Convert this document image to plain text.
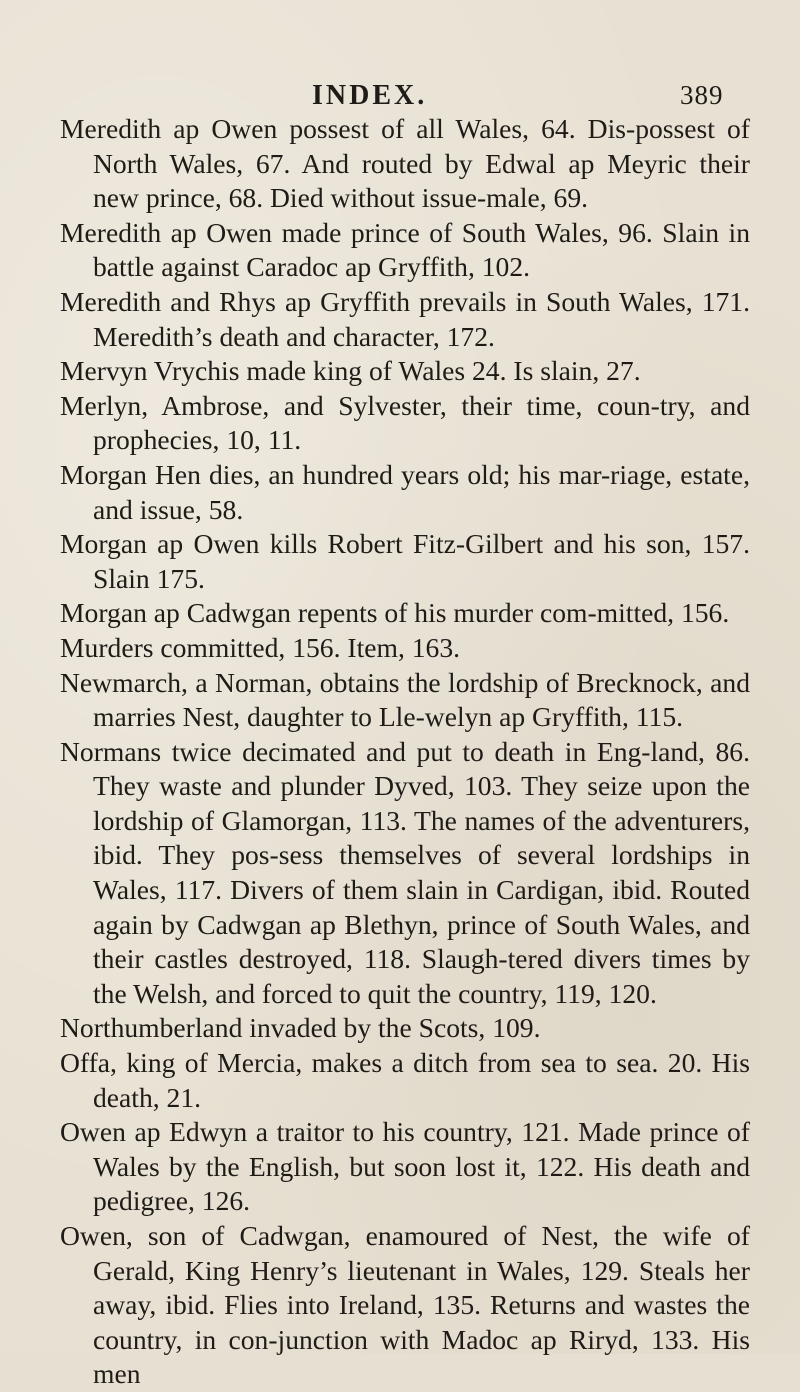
INDEX.	389

Meredith ap Owen possest of all Wales, 64. Dis-possest of North Wales, 67. And routed by Edwal ap Meyric their new prince, 68. Died without issue-male, 69.

Meredith ap Owen made prince of South Wales, 96. Slain in battle against Caradoc ap Gryffith, 102.

Meredith and Rhys ap Gryffith prevails in South Wales, 171. Meredith’s death and character, 172.

Mervyn Vrychis made king of Wales 24. Is slain, 27.

Merlyn, Ambrose, and Sylvester, their time, coun-try, and prophecies, 10, 11.

Morgan Hen dies, an hundred years old; his mar-riage, estate, and issue, 58.

Morgan ap Owen kills Robert Fitz-Gilbert and his son, 157. Slain 175.

Morgan ap Cadwgan repents of his murder com-mitted, 156.

Murders committed, 156. Item, 163.

Newmarch, a Norman, obtains the lordship of Brecknock, and marries Nest, daughter to Lle-welyn ap Gryffith, 115.

Normans twice decimated and put to death in Eng-land, 86. They waste and plunder Dyved, 103. They seize upon the lordship of Glamorgan, 113. The names of the adventurers, ibid. They pos-sess themselves of several lordships in Wales, 117. Divers of them slain in Cardigan, ibid. Routed again by Cadwgan ap Blethyn, prince of South Wales, and their castles destroyed, 118. Slaugh-tered divers times by the Welsh, and forced to quit the country, 119, 120.

Northumberland invaded by the Scots, 109.

Offa, king of Mercia, makes a ditch from sea to sea. 20. His death, 21.

Owen ap Edwyn a traitor to his country, 121. Made prince of Wales by the English, but soon lost it, 122. His death and pedigree, 126.

Owen, son of Cadwgan, enamoured of Nest, the wife of Gerald, King Henry’s lieutenant in Wales, 129. Steals her away, ibid. Flies into Ireland, 135. Returns and wastes the country, in con-junction with Madoc ap Riryd, 133. His men
